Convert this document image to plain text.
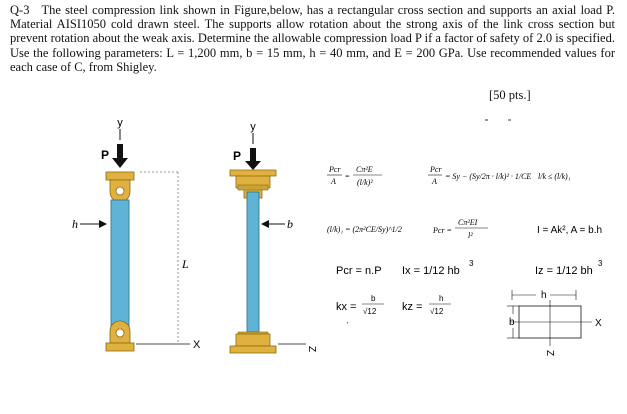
Q-3 The steel compression link shown in Figure,below, has a rectangular cross section and supports an axial load P. Material AISI1050 cold drawn steel. The supports allow rotation about the strong axis of the link cross section but prevent rotation about the weak axis. Determine the allowable compression load P if a factor of safety of 2.0 is specified. Use the following parameters: L = 1,200 mm, b = 15 mm, h = 40 mm, and E = 200 GPa. Use recommended values for each case of C, from Shigley.
[50 pts.]
y
P
h
L
X
y
P
b
Z
Pcr
A
=
Cπ²E
(l/k)²
Pcr
A
= Sy − (Sy/2π · l/k)² · 1/CE l/k ≤ (l/k)₁
(l/k)₁ = (2π²CE/Sy)^1/2	Pcr =
Cπ²EI
l²	I = Ak², A = b.h
Pcr = n.P Ix = 1/12 hb
3
Iz = 1/12 bh
3
kx =
b
√12
'
kz =
h
√12
h
b	X
Z
